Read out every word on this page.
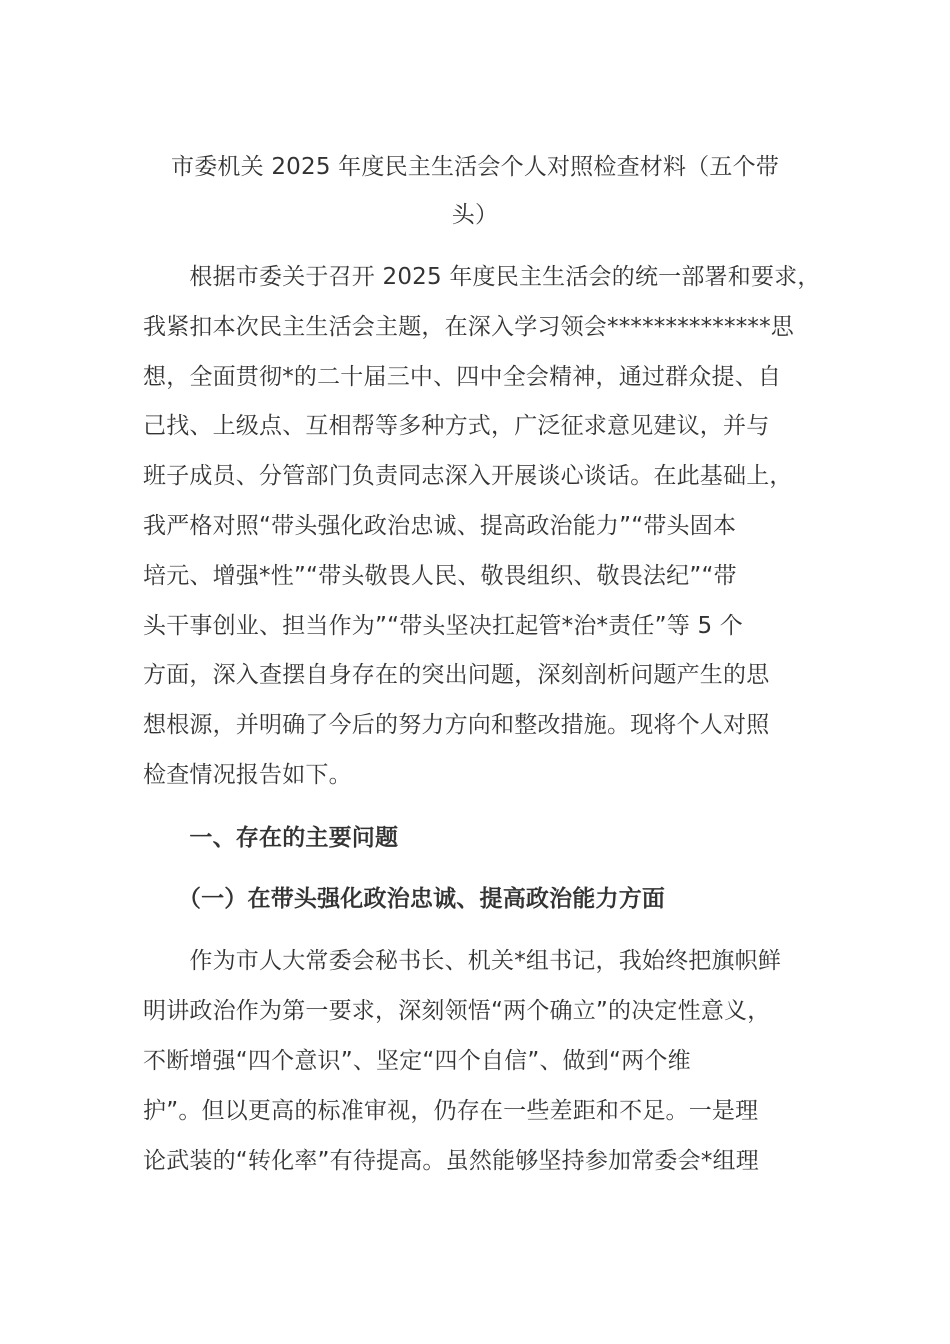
市委机关 2025 年度民主生活会个人对照检查材料（五个带
头）
　　根据市委关于召开 2025 年度民主生活会的统一部署和要求，
我紧扣本次民主生活会主题，在深入学习领会**************思
想，全面贯彻*的二十届三中、四中全会精神，通过群众提、自
己找、上级点、互相帮等多种方式，广泛征求意见建议，并与
班子成员、分管部门负责同志深入开展谈心谈话。在此基础上，
我严格对照“带头强化政治忠诚、提高政治能力”“带头固本
培元、增强*性”“带头敬畏人民、敬畏组织、敬畏法纪”“带
头干事创业、担当作为”“带头坚决扛起管*治*责任”等 5 个
方面，深入查摆自身存在的突出问题，深刻剖析问题产生的思
想根源，并明确了今后的努力方向和整改措施。现将个人对照
检查情况报告如下。
　　一、存在的主要问题
　　（一）在带头强化政治忠诚、提高政治能力方面
　　作为市人大常委会秘书长、机关*组书记，我始终把旗帜鲜
明讲政治作为第一要求，深刻领悟“两个确立”的决定性意义，
不断增强“四个意识”、坚定“四个自信”、做到“两个维
护”。但以更高的标准审视，仍存在一些差距和不足。一是理
论武装的“转化率”有待提高。虽然能够坚持参加常委会*组理
